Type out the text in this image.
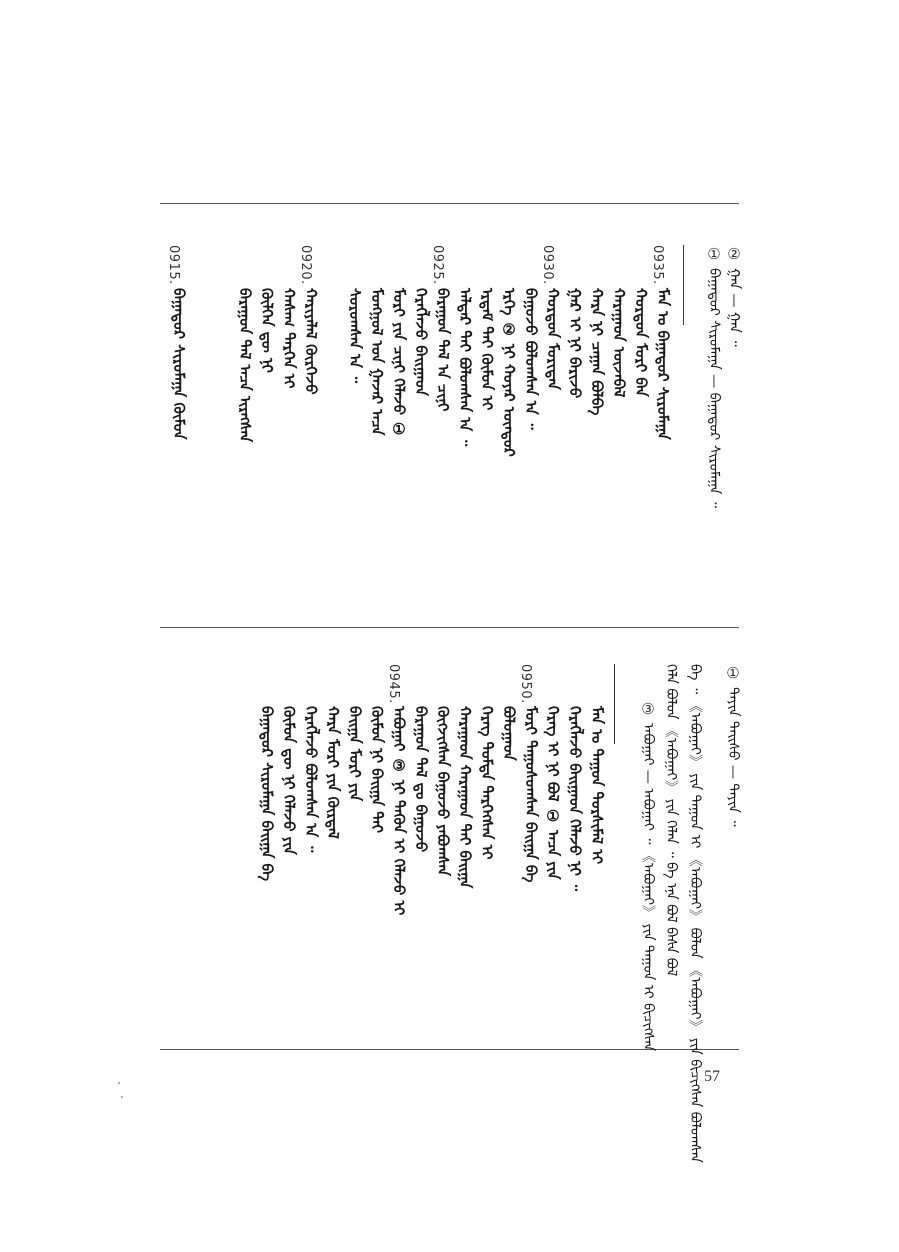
① ᠪᠠᠭᠠᠲᠤᠷ ᠰᠢᠷᠤᠮᠠᠭᠠ — ᠪᠠᠭᠠᠲᠤᠷ ᠰᠢᠷᠤᠮᠠᠭᠠ ᠃
② ᠭᠠᠨ — ᠭᠠᠨ ᠃
0935.
ᠮᠠᠨ ᠤ ᠪᠠᠭᠠᠲᠤᠷ ᠰᠢᠷᠤᠮᠠᠭᠠ
ᠬᠤᠷᠳᠤᠨ ᠮᠣᠷᠢ ᠪᠠᠨ
ᠬᠠᠷᠠᠭᠠᠳ ᠦᠵᠡᠪᠡᠯ
ᠬᠠᠷᠠ ᠨᠢ ᠴᠠᠭᠠᠨ ᠪᠣᠯᠪᠠ
ᠭᠠᠷ ᠢ ᠨᠢ ᠪᠠᠷᠢᠵᠤ
0930.
ᠬᠤᠷᠳᠤᠨ ᠮᠣᠷᠢᠳᠠᠨ
ᠪᠠᠭᠤᠵᠤ ᠪᠣᠯᠤᠭᠰᠠᠨ ᠠ ᠃
ᠡᠷᠬᠡ ② ᠨᠢ ᠬᠣᠶᠠᠷ ᠦᠨᠳᠦᠷ
ᠡᠷᠳᠡᠮ ᠲᠡᠢ ᠬᠦᠮᠦᠨ ᠢ
ᠠᠯᠳᠠᠷ ᠲᠠᠢ ᠪᠣᠯᠤᠭᠰᠠᠨ ᠠ ᠃
0925.
ᠪᠠᠷᠠᠭᠤᠨ ᠲᠠᠯ ᠠ ᠴᠢᠨᠢ
ᠬᠡᠷᠡᠭᠯᠡᠵᠦ ᠪᠠᠢᠭᠠᠳ
ᠮᠣᠷᠢ ᠶᠢᠨ ᠴᠢᠨᠢ ᠬᠡᠯᠡᠵᠦ ①
ᠮᠣᠩᠭᠣᠯ ᠤᠨ ᠭᠠᠵᠠᠷ ᠠᠴᠠ
ᠰᠤᠷᠤᠭᠰᠠᠨ ᠠ ᠃
0920.
ᠬᠠᠷᠢᠶᠠᠯᠠᠯ ᠬᠦᠷᠭᠡᠵᠦ
ᠬᠠᠰᠠᠭ ᠲᠡᠷᠭᠡᠨ ᠢ
ᠬᠥᠯᠭᠡᠨ ᠳᠦ ᠨᠢ
ᠪᠠᠷᠠᠭᠤᠨ ᠲᠠᠯ ᠠᠴᠠ ᠢᠷᠡᠭᠰᠡᠨ
0915.
ᠪᠠᠭᠠᠲᠤᠷ ᠰᠢᠷᠤᠮᠠᠭᠠ ᠬᠦᠮᠦᠨ
① ᠳᠠᠶᠢᠨ ᠳᠠᠢᠰᠤ — ᠳᠠᠶᠢᠨ ᠃
ᠪᠡ ᠃ 《ᠠᠪᠤᠭᠠᠢ》 ᠶᠢᠨ ᠳᠠᠭᠤᠨ ᠢ 《ᠠᠪᠤᠭᠠᠢ》 ᠪᠣᠯᠤᠨ 《ᠠᠪᠤᠭᠠᠢ》 ᠶᠢᠨ ᠪᠢᠴᠢᠭᠰᠡᠨ ᠪᠣᠯᠤᠭᠰᠠᠨ
ᠬᠡᠯᠡ ᠪᠣᠯᠤᠨ 《ᠠᠪᠤᠭᠠᠢ》 ᠶᠢᠨ ᠬᠡᠯᠡᠨ ᠃ ᠪᠠ ᠡᠨᠡ ᠪᠣᠯ ᠪᠠᠰᠠ ᠪᠣᠯ
③ ᠠᠪᠤᠭᠠᠢ — ᠠᠪᠤᠭᠠᠢ ᠃ 《ᠠᠪᠤᠭᠠᠢ》 ᠶᠢᠨ ᠳᠠᠭᠤᠨ ᠢ ᠪᠢᠴᠢᠭᠰᠡᠨ
ᠮᠠᠨ ᠤ ᠳᠠᠭᠤᠨ ᠳᠤᠷᠰᠢᠮᠠᠯ ᠢ
ᠬᠡᠷᠡᠭᠯᠡᠵᠦ ᠪᠠᠢᠭᠠᠳ ᠬᠡᠯᠡᠵᠦ ᠨᠢ ᠃
ᠬᠡᠷᠡᠭ ᠢ ᠨᠢ ᠪᠣᠯ ① ᠠᠴᠠ ᠶᠢᠨ
0950.
ᠮᠣᠷᠢ ᠳᠠᠭᠤᠰᠤᠭᠰᠠᠨ ᠪᠠᠢᠭᠠ ᠪᠠ
ᠪᠣᠯᠤᠭᠠᠳ
ᠬᠡᠷᠡᠭ ᠳᠤᠮᠳᠠ ᠲᠡᠷᠭᠡᠭᠰᠡᠨ ᠢ
ᠬᠠᠷᠠᠭᠠᠳ ᠬᠠᠷᠠᠭᠠᠳ ᠲᠠᠢ ᠪᠠᠢᠭᠠ
ᠬᠥᠭᠵᠢᠭᠰᠡᠨ ᠪᠠᠭᠤᠵᠤ ᠶᠠᠪᠤᠭᠰᠠᠨ
ᠪᠠᠷᠠᠭᠤᠨ ᠲᠠᠯ ᠳᠤ ᠪᠠᠭᠤᠵᠤ
0945.
ᠠᠪᠤᠭᠠᠢ ③ ᠨᠢ ᠲᠡᠭᠦᠨ ᠢ ᠬᠡᠯᠡᠵᠦ ᠢ
ᠬᠦᠮᠦᠨ ᠨᠢ ᠪᠠᠢᠭᠠ ᠲᠠᠢ
ᠪᠠᠢᠭᠠ ᠮᠣᠷᠢ ᠶᠢᠨ
ᠬᠠᠷᠠ ᠮᠣᠷᠢ ᠶᠢᠨ ᠬᠦᠷᠲᠡᠯ
ᠬᠡᠷᠡᠭᠯᠡᠵᠦ ᠪᠣᠯᠤᠭᠰᠠᠨ ᠠ ᠃
ᠬᠦᠮᠦᠨ ᠳᠦ ᠨᠢ ᠬᠡᠯᠡᠵᠦ ᠶᠢᠨ
ᠪᠠᠭᠠᠲᠤᠷ ᠰᠢᠷᠤᠮᠠᠭᠠ ᠪᠠᠢᠭᠠ ᠪᠠ
57
